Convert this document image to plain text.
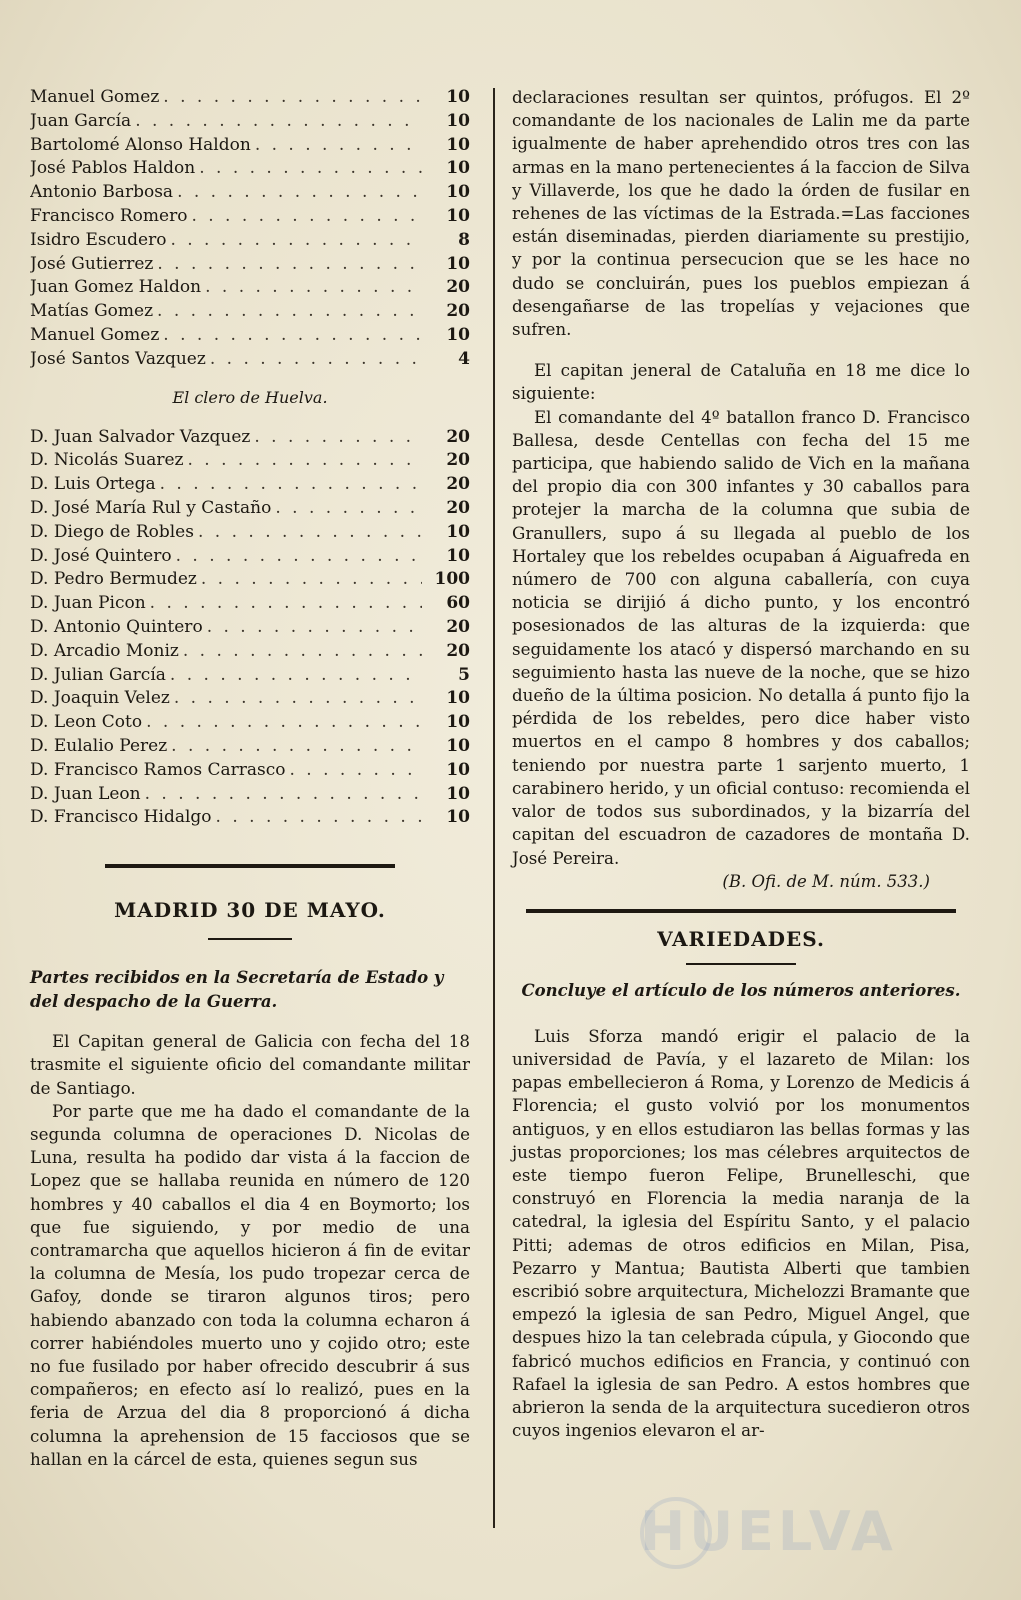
Manuel Gomez . . .	10
Juan García . . .	10
Bartolomé Alonso Haldon . . .	10
José Pablos Haldon . . .	10
Antonio Barbosa . . .	10
Francisco Romero . . .	10
Isidro Escudero . . .	8
José Gutierrez . . .	10
Juan Gomez Haldon . . .	20
Matías Gomez . . .	20
Manuel Gomez . . .	10
José Santos Vazquez . . .	4
El clero de Huelva.
D. Juan Salvador Vazquez . . .	20
D. Nicolás Suarez . . .	20
D. Luis Ortega . . .	20
D. José María Rul y Castaño . . .	20
D. Diego de Robles . . .	10
D. José Quintero . . .	10
D. Pedro Bermudez . . .	100
D. Juan Picon . . .	60
D. Antonio Quintero . . .	20
D. Arcadio Moniz . . .	20
D. Julian García . . .	5
D. Joaquin Velez . . .	10
D. Leon Coto . . .	10
D. Eulalio Perez . . .	10
D. Francisco Ramos Carrasco . . .	10
D. Juan Leon . . .	10
D. Francisco Hidalgo . . .	10
MADRID 30 DE MAYO.
Partes recibidos en la Secretaría de Estado y del despacho de la Guerra.

El Capitan general de Galicia con fecha del 18 trasmite el siguiente oficio del comandante militar de Santiago.

Por parte que me ha dado el comandante de la segunda columna de operaciones D. Nicolas de Luna, resulta ha podido dar vista á la faccion de Lopez que se hallaba reunida en número de 120 hombres y 40 caballos el dia 4 en Boymorto; los que fue siguiendo, y por medio de una contramarcha que aquellos hicieron á fin de evitar la columna de Mesía, los pudo tropezar cerca de Gafoy, donde se tiraron algunos tiros; pero habiendo abanzado con toda la columna echaron á correr habiéndoles muerto uno y cojido otro; este no fue fusilado por haber ofrecido descubrir á sus compañeros; en efecto así lo realizó, pues en la feria de Arzua del dia 8 proporcionó á dicha columna la aprehension de 15 facciosos que se hallan en la cárcel de esta, quienes segun sus

declaraciones resultan ser quintos, prófugos. El 2º comandante de los nacionales de Lalin me da parte igualmente de haber aprehendido otros tres con las armas en la mano pertenecientes á la faccion de Silva y Villaverde, los que he dado la órden de fusilar en rehenes de las víctimas de la Estrada.=Las facciones están diseminadas, pierden diariamente su prestijio, y por la continua persecucion que se les hace no dudo se concluirán, pues los pueblos empiezan á desengañarse de las tropelías y vejaciones que sufren.

El capitan jeneral de Cataluña en 18 me dice lo siguiente:

El comandante del 4º batallon franco D. Francisco Ballesa, desde Centellas con fecha del 15 me participa, que habiendo salido de Vich en la mañana del propio dia con 300 infantes y 30 caballos para protejer la marcha de la columna que subia de Granullers, supo á su llegada al pueblo de los Hortaley que los rebeldes ocupaban á Aiguafreda en número de 700 con alguna caballería, con cuya noticia se dirijió á dicho punto, y los encontró posesionados de las alturas de la izquierda: que seguidamente los atacó y dispersó marchando en su seguimiento hasta las nueve de la noche, que se hizo dueño de la última posicion. No detalla á punto fijo la pérdida de los rebeldes, pero dice haber visto muertos en el campo 8 hombres y dos caballos; teniendo por nuestra parte 1 sarjento muerto, 1 carabinero herido, y un oficial contuso: recomienda el valor de todos sus subordinados, y la bizarría del capitan del escuadron de cazadores de montaña D. José Pereira.

(B. Ofi. de M. núm. 533.)
VARIEDADES.
Concluye el artículo de los números anteriores.

Luis Sforza mandó erigir el palacio de la universidad de Pavía, y el lazareto de Milan: los papas embellecieron á Roma, y Lorenzo de Medicis á Florencia; el gusto volvió por los monumentos antiguos, y en ellos estudiaron las bellas formas y las justas proporciones; los mas célebres arquitectos de este tiempo fueron Felipe, Brunelleschi, que construyó en Florencia la media naranja de la catedral, la iglesia del Espíritu Santo, y el palacio Pitti; ademas de otros edificios en Milan, Pisa, Pezarro y Mantua; Bautista Alberti que tambien escribió sobre arquitectura, Michelozzi Bramante que empezó la iglesia de san Pedro, Miguel Angel, que despues hizo la tan celebrada cúpula, y Giocondo que fabricó muchos edificios en Francia, y continuó con Rafael la iglesia de san Pedro. A estos hombres que abrieron la senda de la arquitectura sucedieron otros cuyos ingenios elevaron el ar-

HUELVA
